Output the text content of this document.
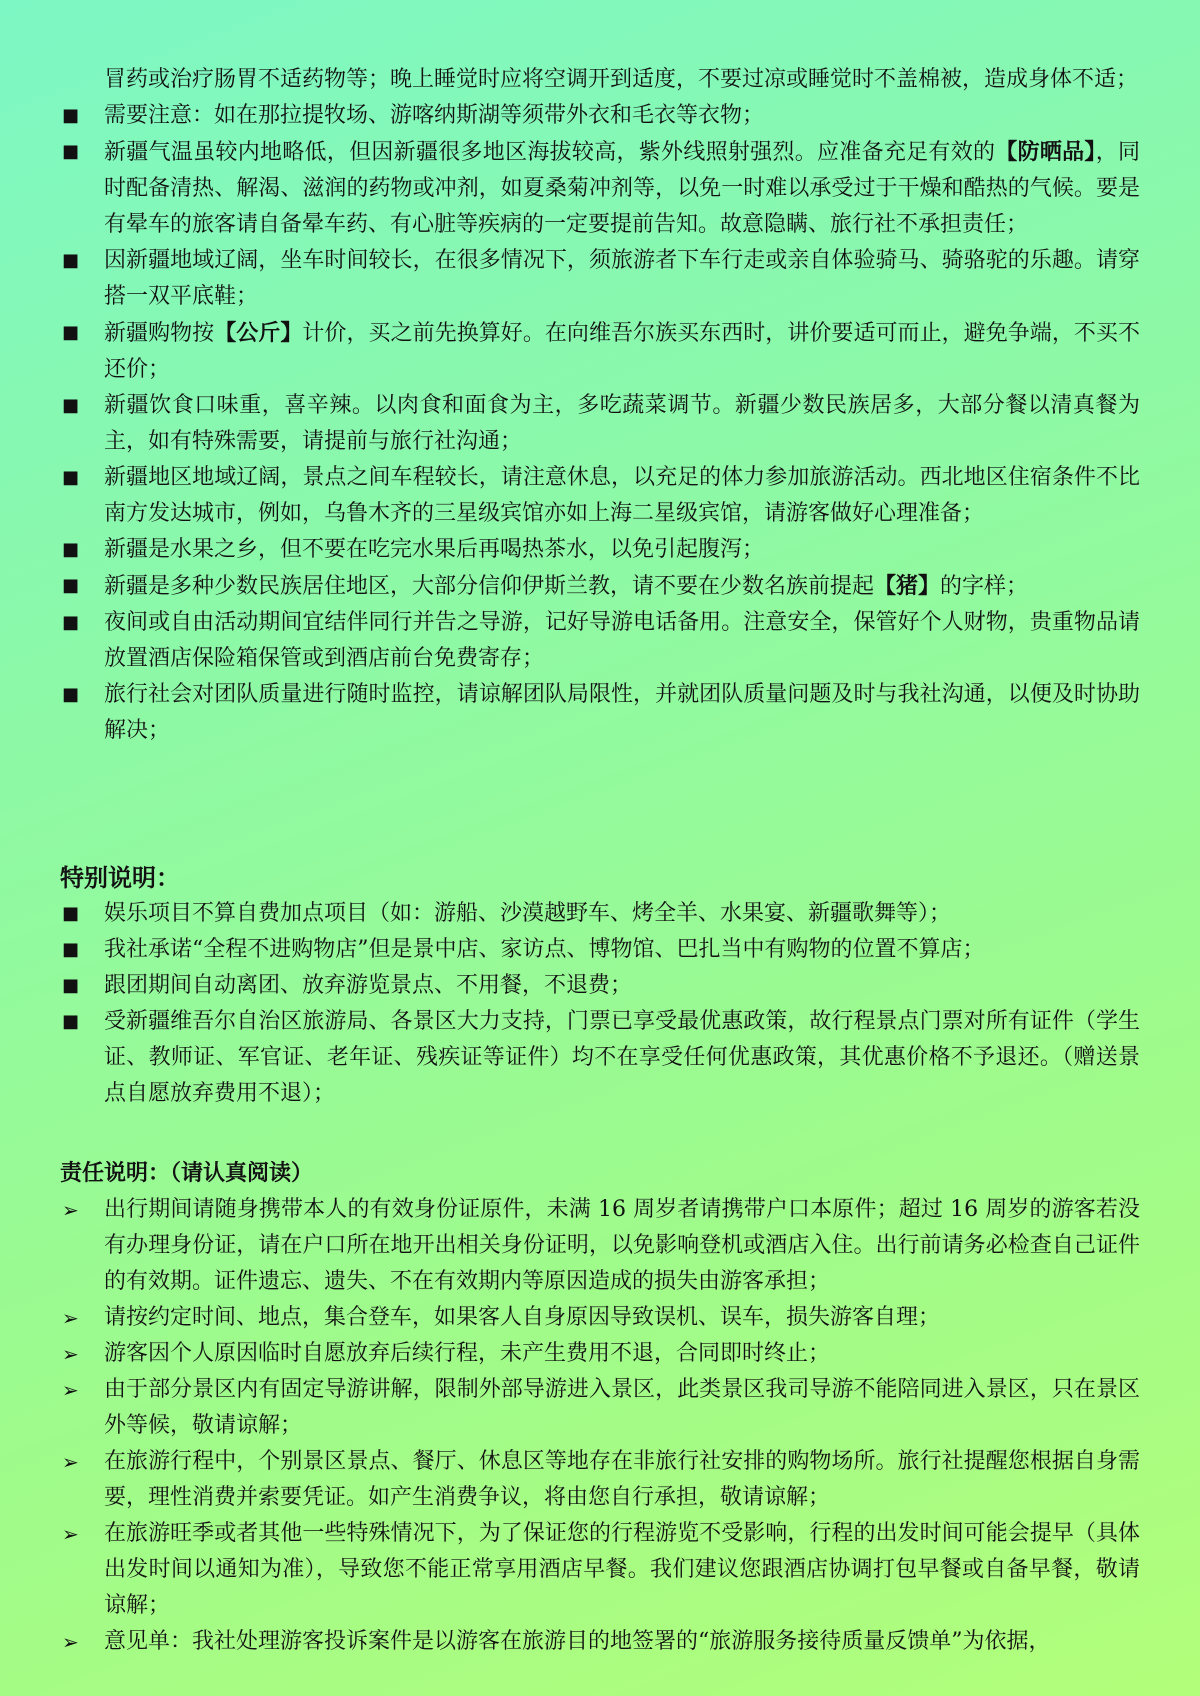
冒药或治疗肠胃不适药物等；晚上睡觉时应将空调开到适度，不要过凉或睡觉时不盖棉被，造成身体不适；
■ 需要注意：如在那拉提牧场、游喀纳斯湖等须带外衣和毛衣等衣物；
■ 新疆气温虽较内地略低，但因新疆很多地区海拔较高，紫外线照射强烈。应准备充足有效的【防晒品】，同时配备清热、解渴、滋润的药物或冲剂，如夏桑菊冲剂等，以免一时难以承受过于干燥和酷热的气候。要是有晕车的旅客请自备晕车药、有心脏等疾病的一定要提前告知。故意隐瞒、旅行社不承担责任；
■ 因新疆地域辽阔，坐车时间较长，在很多情况下，须旅游者下车行走或亲自体验骑马、骑骆驼的乐趣。请穿搭一双平底鞋；
■ 新疆购物按【公斤】计价，买之前先换算好。在向维吾尔族买东西时，讲价要适可而止，避免争端，不买不还价；
■ 新疆饮食口味重，喜辛辣。以肉食和面食为主，多吃蔬菜调节。新疆少数民族居多，大部分餐以清真餐为主，如有特殊需要，请提前与旅行社沟通；
■ 新疆地区地域辽阔，景点之间车程较长，请注意休息，以充足的体力参加旅游活动。西北地区住宿条件不比南方发达城市，例如，乌鲁木齐的三星级宾馆亦如上海二星级宾馆，请游客做好心理准备；
■ 新疆是水果之乡，但不要在吃完水果后再喝热茶水，以免引起腹泻；
■ 新疆是多种少数民族居住地区，大部分信仰伊斯兰教，请不要在少数名族前提起【猪】的字样；
■ 夜间或自由活动期间宜结伴同行并告之导游，记好导游电话备用。注意安全，保管好个人财物，贵重物品请放置酒店保险箱保管或到酒店前台免费寄存；
■ 旅行社会对团队质量进行随时监控，请谅解团队局限性，并就团队质量问题及时与我社沟通，以便及时协助解决；
特别说明：
■ 娱乐项目不算自费加点项目（如：游船、沙漠越野车、烤全羊、水果宴、新疆歌舞等）；
■ 我社承诺“全程不进购物店”但是景中店、家访点、博物馆、巴扎当中有购物的位置不算店；
■ 跟团期间自动离团、放弃游览景点、不用餐，不退费；
■ 受新疆维吾尔自治区旅游局、各景区大力支持，门票已享受最优惠政策，故行程景点门票对所有证件（学生证、教师证、军官证、老年证、残疾证等证件）均不在享受任何优惠政策，其优惠价格不予退还。（赠送景点自愿放弃费用不退）；
责任说明：（请认真阅读）
➢ 出行期间请随身携带本人的有效身份证原件，未满 16 周岁者请携带户口本原件；超过 16 周岁的游客若没有办理身份证，请在户口所在地开出相关身份证明，以免影响登机或酒店入住。出行前请务必检查自己证件的有效期。证件遗忘、遗失、不在有效期内等原因造成的损失由游客承担；
➢ 请按约定时间、地点，集合登车，如果客人自身原因导致误机、误车，损失游客自理；
➢ 游客因个人原因临时自愿放弃后续行程，未产生费用不退，合同即时终止；
➢ 由于部分景区内有固定导游讲解，限制外部导游进入景区，此类景区我司导游不能陪同进入景区，只在景区外等候，敬请谅解；
➢ 在旅游行程中，个别景区景点、餐厅、休息区等地存在非旅行社安排的购物场所。旅行社提醒您根据自身需要，理性消费并索要凭证。如产生消费争议，将由您自行承担，敬请谅解；
➢ 在旅游旺季或者其他一些特殊情况下，为了保证您的行程游览不受影响，行程的出发时间可能会提早（具体出发时间以通知为准），导致您不能正常享用酒店早餐。我们建议您跟酒店协调打包早餐或自备早餐，敬请谅解；
➢ 意见单：我社处理游客投诉案件是以游客在旅游目的地签署的“旅游服务接待质量反馈单”为依据，
